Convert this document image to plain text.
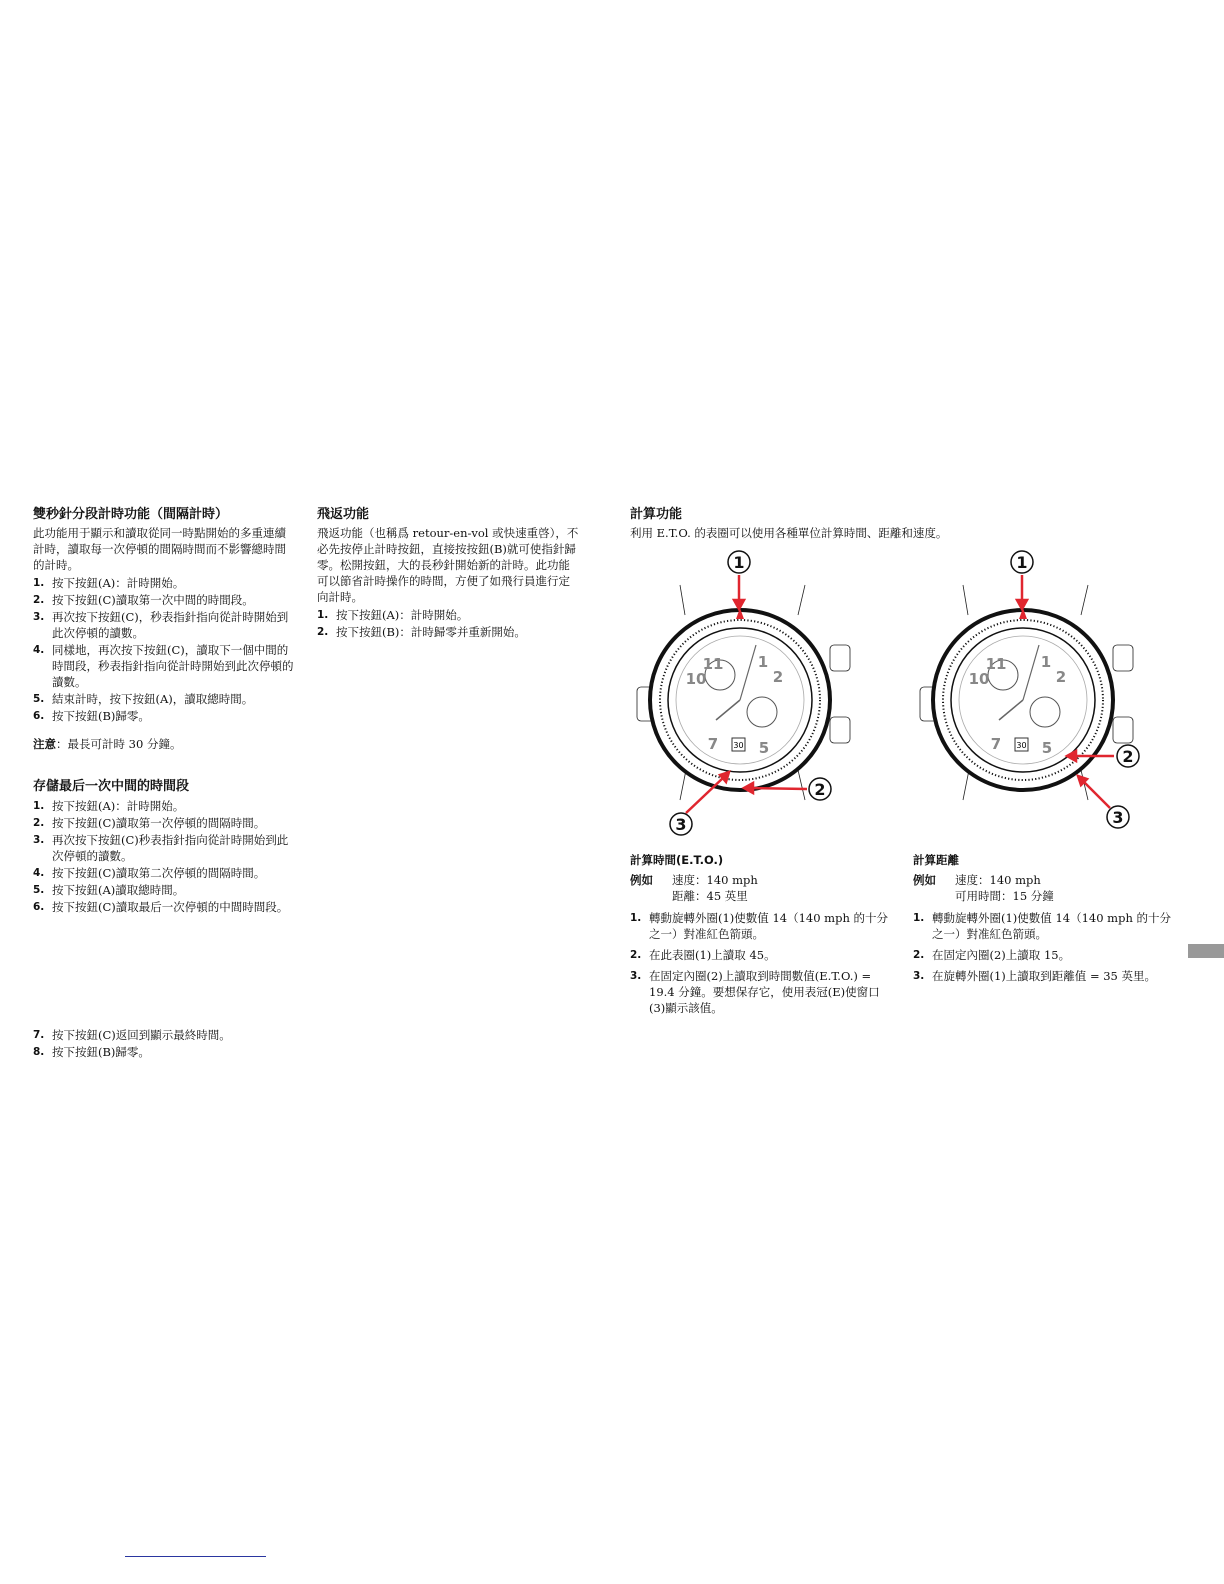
雙秒針分段計時功能（間隔計時）
此功能用于顯示和讀取從同一時點開始的多重連續計時，讀取每一次停頓的間隔時間而不影響總時間的計時。
1. 按下按鈕(A)：計時開始。
2. 按下按鈕(C)讀取第一次中間的時間段。
3. 再次按下按鈕(C)，秒表指針指向從計時開始到此次停頓的讀數。
4. 同樣地，再次按下按鈕(C)，讀取下一個中間的時間段，秒表指針指向從計時開始到此次停頓的讀數。
5. 結束計時，按下按鈕(A)，讀取總時間。
6. 按下按鈕(B)歸零。
注意：最長可計時 30 分鐘。
存儲最后一次中間的時間段
1. 按下按鈕(A)：計時開始。
2. 按下按鈕(C)讀取第一次停頓的間隔時間。
3. 再次按下按鈕(C)秒表指針指向從計時開始到此次停頓的讀數。
4. 按下按鈕(C)讀取第二次停頓的間隔時間。
5. 按下按鈕(A)讀取總時間。
6. 按下按鈕(C)讀取最后一次停頓的中間時間段。
7. 按下按鈕(C)返回到顯示最終時間。
8. 按下按鈕(B)歸零。
飛返功能
飛返功能（也稱爲 retour-en-vol 或快速重啓），不必先按停止計時按鈕，直接按按鈕(B)就可使指針歸零。松開按鈕，大的長秒針開始新的計時。此功能可以節省計時操作的時間，方便了如飛行員進行定向計時。
1. 按下按鈕(A)：計時開始。
2. 按下按鈕(B)：計時歸零并重新開始。
計算功能
利用 E.T.O. 的表圈可以使用各種單位計算時間、距離和速度。
11
10
7	5
2
1
30
1
2
3
11
10
7	5
2
1
30
1
2
3
計算時間(E.T.O.)
例如	速度：140 mph
距離：45 英里
1. 轉動旋轉外圈(1)使數值 14（140 mph 的十分之一）對准紅色箭頭。
2. 在此表圈(1)上讀取 45。
3. 在固定內圈(2)上讀取到時間數值(E.T.O.) = 19.4 分鐘。要想保存它，使用表冠(E)使窗口(3)顯示該值。
計算距離
例如	速度：140 mph
可用時間：15 分鐘
1. 轉動旋轉外圈(1)使數值 14（140 mph 的十分之一）對准紅色箭頭。
2. 在固定內圈(2)上讀取 15。
3. 在旋轉外圈(1)上讀取到距離值 = 35 英里。
